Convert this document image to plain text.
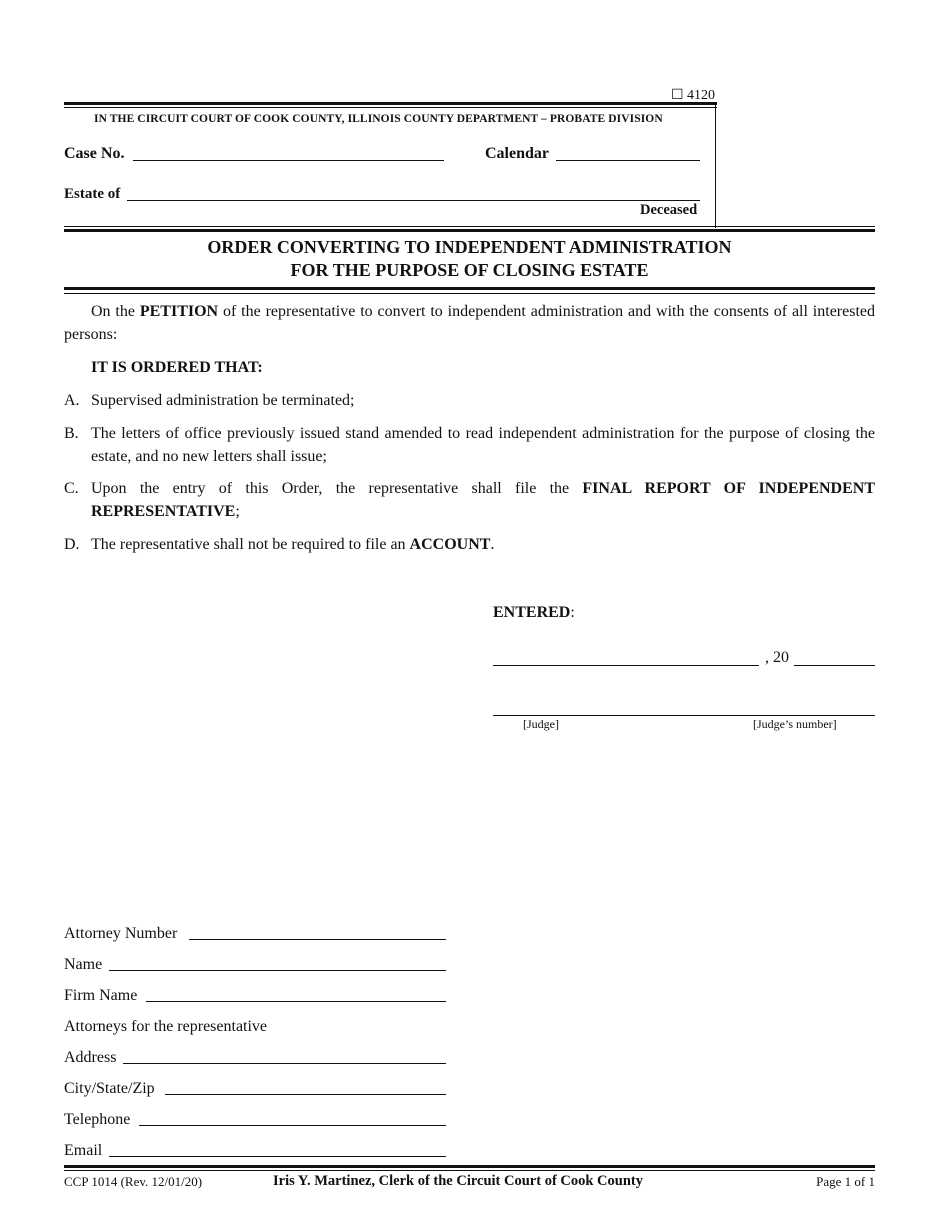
☐ 4120
IN THE CIRCUIT COURT OF COOK COUNTY, ILLINOIS COUNTY DEPARTMENT – PROBATE DIVISION
Case No.	Calendar
Estate of
Deceased
ORDER CONVERTING TO INDEPENDENT ADMINISTRATION
FOR THE PURPOSE OF CLOSING ESTATE
On the PETITION of the representative to convert to independent administration and with the consents of all interested persons:
IT IS ORDERED THAT:
A. Supervised administration be terminated;
B. The letters of office previously issued stand amended to read independent administration for the purpose of closing the estate, and no new letters shall issue;
C. Upon the entry of this Order, the representative shall file the FINAL REPORT OF INDEPENDENT REPRESENTATIVE;
D. The representative shall not be required to file an ACCOUNT.
ENTERED:
, 20
[Judge]	[Judge’s number]
Attorney Number
Name
Firm Name
Attorneys for the representative
Address
City/State/Zip
Telephone
Email
CCP 1014 (Rev. 12/01/20)	Iris Y. Martinez, Clerk of the Circuit Court of Cook County	Page 1 of 1
